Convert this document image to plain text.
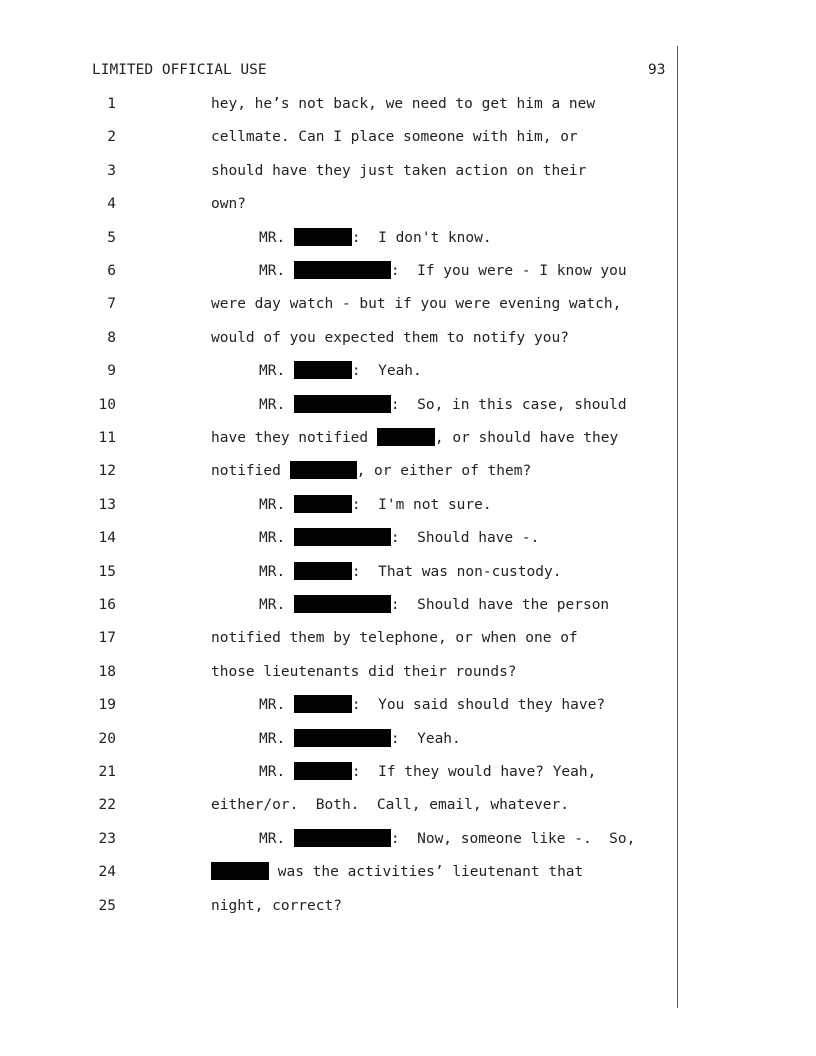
LIMITED OFFICIAL USE	93
1	hey, he’s not back, we need to get him a new
2	cellmate. Can I place someone with him, or
3	should have they just taken action on their
4	own?
5	MR.	:  I don't know.
6	MR.	:  If you were - I know you
7	were day watch - but if you were evening watch,
8	would of you expected them to notify you?
9	MR.	:  Yeah.
10	MR.	:  So, in this case, should
11	have they notified	, or should have they
12	notified	, or either of them?
13	MR.	:  I'm not sure.
14	MR.	:  Should have -.
15	MR.	:  That was non-custody.
16	MR.	:  Should have the person
17	notified them by telephone, or when one of
18	those lieutenants did their rounds?
19	MR.	:  You said should they have?
20	MR.	:  Yeah.
21	MR.	:  If they would have? Yeah,
22	either/or.  Both.  Call, email, whatever.
23	MR.	:  Now, someone like -.  So,
24	was the activities’ lieutenant that
25	night, correct?
